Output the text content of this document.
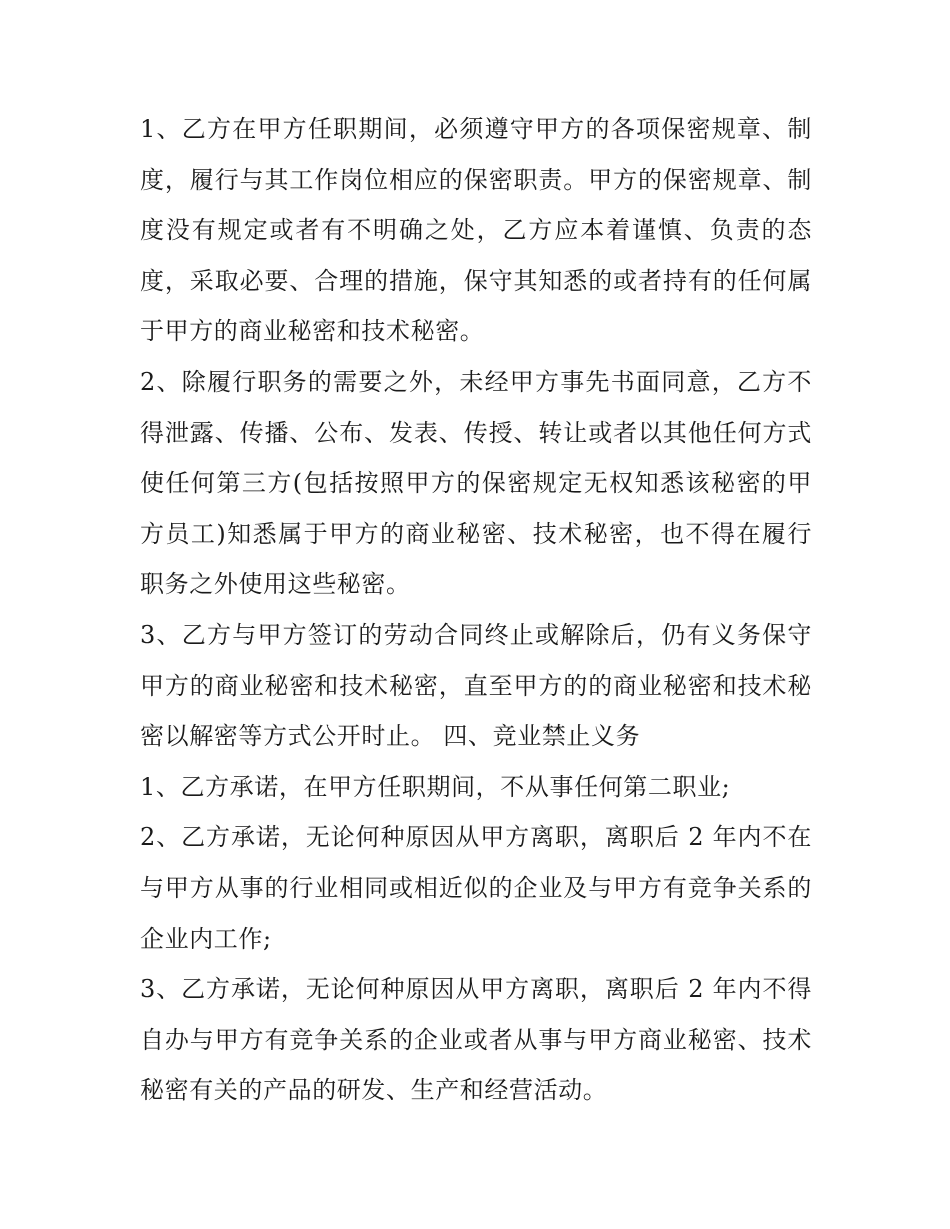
1、乙方在甲方任职期间，必须遵守甲方的各项保密规章、制度，履行与其工作岗位相应的保密职责。甲方的保密规章、制度没有规定或者有不明确之处，乙方应本着谨慎、负责的态度，采取必要、合理的措施，保守其知悉的或者持有的任何属于甲方的商业秘密和技术秘密。

2、除履行职务的需要之外，未经甲方事先书面同意，乙方不得泄露、传播、公布、发表、传授、转让或者以其他任何方式使任何第三方(包括按照甲方的保密规定无权知悉该秘密的甲方员工)知悉属于甲方的商业秘密、技术秘密，也不得在履行职务之外使用这些秘密。

3、乙方与甲方签订的劳动合同终止或解除后，仍有义务保守甲方的商业秘密和技术秘密，直至甲方的的商业秘密和技术秘密以解密等方式公开时止。 四、竞业禁止义务

1、乙方承诺，在甲方任职期间，不从事任何第二职业;

2、乙方承诺，无论何种原因从甲方离职，离职后 2 年内不在与甲方从事的行业相同或相近似的企业及与甲方有竞争关系的企业内工作;

3、乙方承诺，无论何种原因从甲方离职，离职后 2 年内不得自办与甲方有竞争关系的企业或者从事与甲方商业秘密、技术秘密有关的产品的研发、生产和经营活动。
